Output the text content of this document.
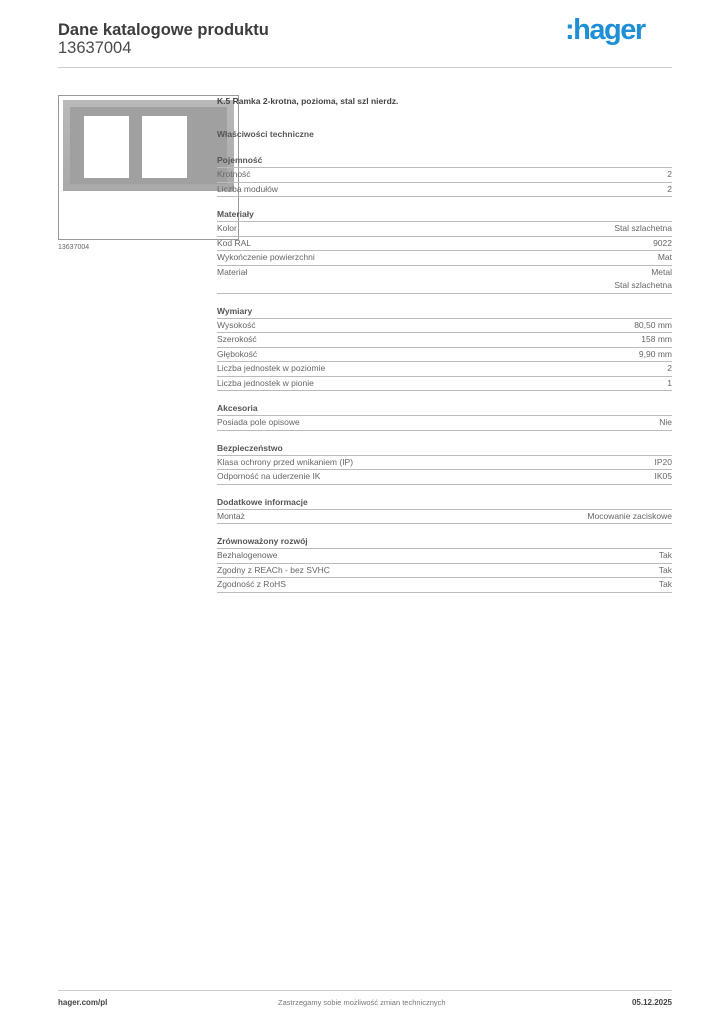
Dane katalogowe produktu
13637004
:hager
13637004
K.5 Ramka 2-krotna, pozioma, stal szl nierdz.
Właściwości techniczne
Pojemność
Krotność	2
Liczba modułów	2
Materiały
Kolor	Stal szlachetna
Kod RAL	9022
Wykończenie powierzchni	Mat
Materiał	Metal
Stal szlachetna
Wymiary
Wysokość	80,50 mm
Szerokość	158 mm
Głębokość	9,90 mm
Liczba jednostek w poziomie	2
Liczba jednostek w pionie	1
Akcesoria
Posiada pole opisowe	Nie
Bezpieczeństwo
Klasa ochrony przed wnikaniem (IP)	IP20
Odporność na uderzenie IK	IK05
Dodatkowe informacje
Montaż	Mocowanie zaciskowe
Zrównoważony rozwój
Bezhalogenowe	Tak
Zgodny z REACh - bez SVHC	Tak
Zgodność z RoHS	Tak
hager.com/pl	Zastrzegamy sobie możliwość zmian technicznych	05.12.2025
